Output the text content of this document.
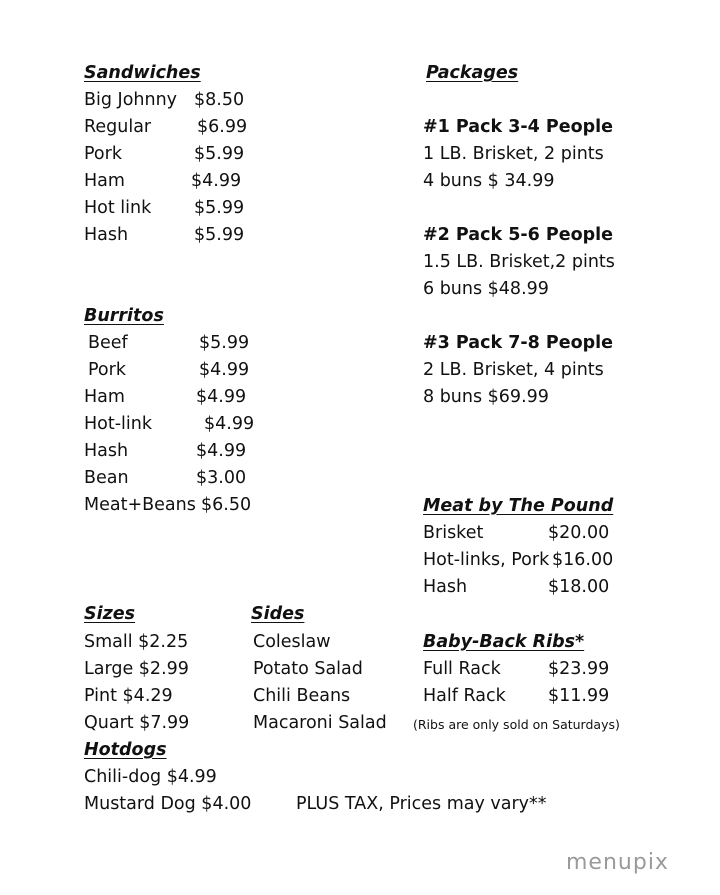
Sandwiches
Big Johnny $8.50
Regular	$6.99
Pork	$5.99
Ham	$4.99
Hot link $5.99
Hash	$5.99
Packages
#1 Pack 3-4 People
1 LB. Brisket, 2 pints
4 buns $ 34.99
#2 Pack 5-6 People
1.5 LB. Brisket,2 pints
6 buns $48.99
#3 Pack 7-8 People
2 LB. Brisket, 4 pints
8 buns $69.99
Burritos
Beef	$5.99
Pork	$4.99
Ham	$4.99
Hot-link	$4.99
Hash	$4.99
Bean	$3.00
Meat+Beans $6.50	Meat by The Pound
Brisket	$20.00
Hot-links, Pork $16.00
Hash	$18.00
Sizes
Small $2.25
Large $2.99
Pint $4.29
Quart $7.99
Sides
Coleslaw
Potato Salad
Chili Beans
Macaroni Salad
Baby-Back Ribs*
Full Rack	$23.99
Half Rack $11.99
(Ribs are only sold on Saturdays)
Hotdogs
Chili-dog $4.99
Mustard Dog $4.00	PLUS TAX, Prices may vary**
menupix
